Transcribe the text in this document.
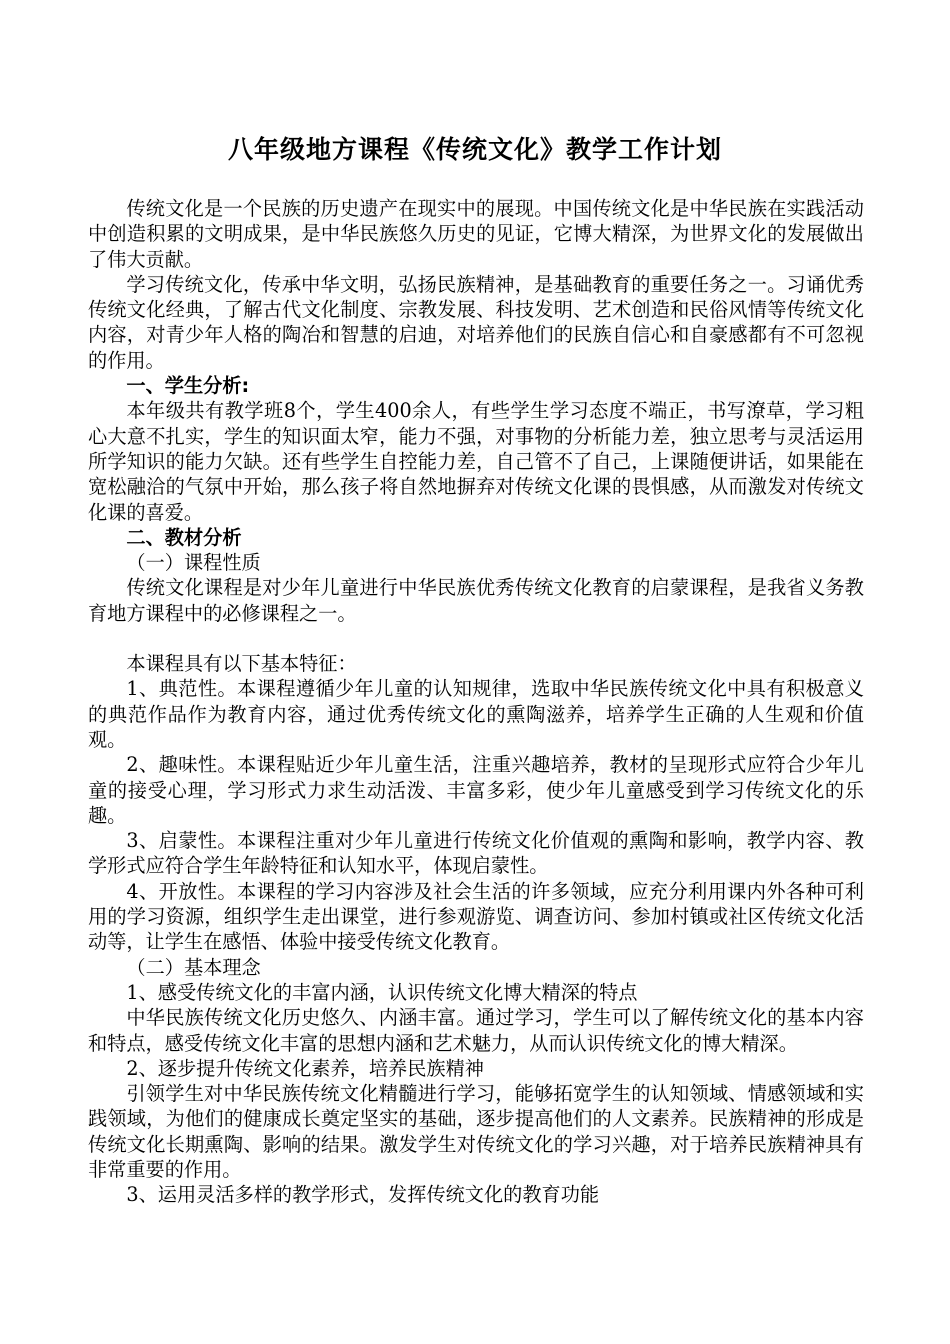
八年级地方课程《传统文化》教学工作计划

传统文化是一个民族的历史遗产在现实中的展现。中国传统文化是中华民族在实践活动中创造积累的文明成果，是中华民族悠久历史的见证，它博大精深，为世界文化的发展做出了伟大贡献。

学习传统文化，传承中华文明，弘扬民族精神，是基础教育的重要任务之一。习诵优秀传统文化经典，了解古代文化制度、宗教发展、科技发明、艺术创造和民俗风情等传统文化内容，对青少年人格的陶冶和智慧的启迪，对培养他们的民族自信心和自豪感都有不可忽视的作用。

一、学生分析:

本年级共有教学班8个，学生400余人，有些学生学习态度不端正，书写潦草，学习粗心大意不扎实，学生的知识面太窄，能力不强，对事物的分析能力差，独立思考与灵活运用所学知识的能力欠缺。还有些学生自控能力差，自己管不了自己，上课随便讲话，如果能在宽松融洽的气氛中开始，那么孩子将自然地摒弃对传统文化课的畏惧感，从而激发对传统文化课的喜爱。

二、教材分析

（一）课程性质

传统文化课程是对少年儿童进行中华民族优秀传统文化教育的启蒙课程，是我省义务教育地方课程中的必修课程之一。

本课程具有以下基本特征：

1、典范性。本课程遵循少年儿童的认知规律，选取中华民族传统文化中具有积极意义的典范作品作为教育内容，通过优秀传统文化的熏陶滋养，培养学生正确的人生观和价值观。

2、趣味性。本课程贴近少年儿童生活，注重兴趣培养，教材的呈现形式应符合少年儿童的接受心理，学习形式力求生动活泼、丰富多彩，使少年儿童感受到学习传统文化的乐趣。

3、启蒙性。本课程注重对少年儿童进行传统文化价值观的熏陶和影响，教学内容、教学形式应符合学生年龄特征和认知水平，体现启蒙性。

4、开放性。本课程的学习内容涉及社会生活的许多领域，应充分利用课内外各种可利用的学习资源，组织学生走出课堂，进行参观游览、调查访问、参加村镇或社区传统文化活动等，让学生在感悟、体验中接受传统文化教育。

（二）基本理念

1、感受传统文化的丰富内涵，认识传统文化博大精深的特点

中华民族传统文化历史悠久、内涵丰富。通过学习，学生可以了解传统文化的基本内容和特点，感受传统文化丰富的思想内涵和艺术魅力，从而认识传统文化的博大精深。

2、逐步提升传统文化素养，培养民族精神

引领学生对中华民族传统文化精髓进行学习，能够拓宽学生的认知领域、情感领域和实践领域，为他们的健康成长奠定坚实的基础，逐步提高他们的人文素养。民族精神的形成是传统文化长期熏陶、影响的结果。激发学生对传统文化的学习兴趣，对于培养民族精神具有非常重要的作用。

3、运用灵活多样的教学形式，发挥传统文化的教育功能
